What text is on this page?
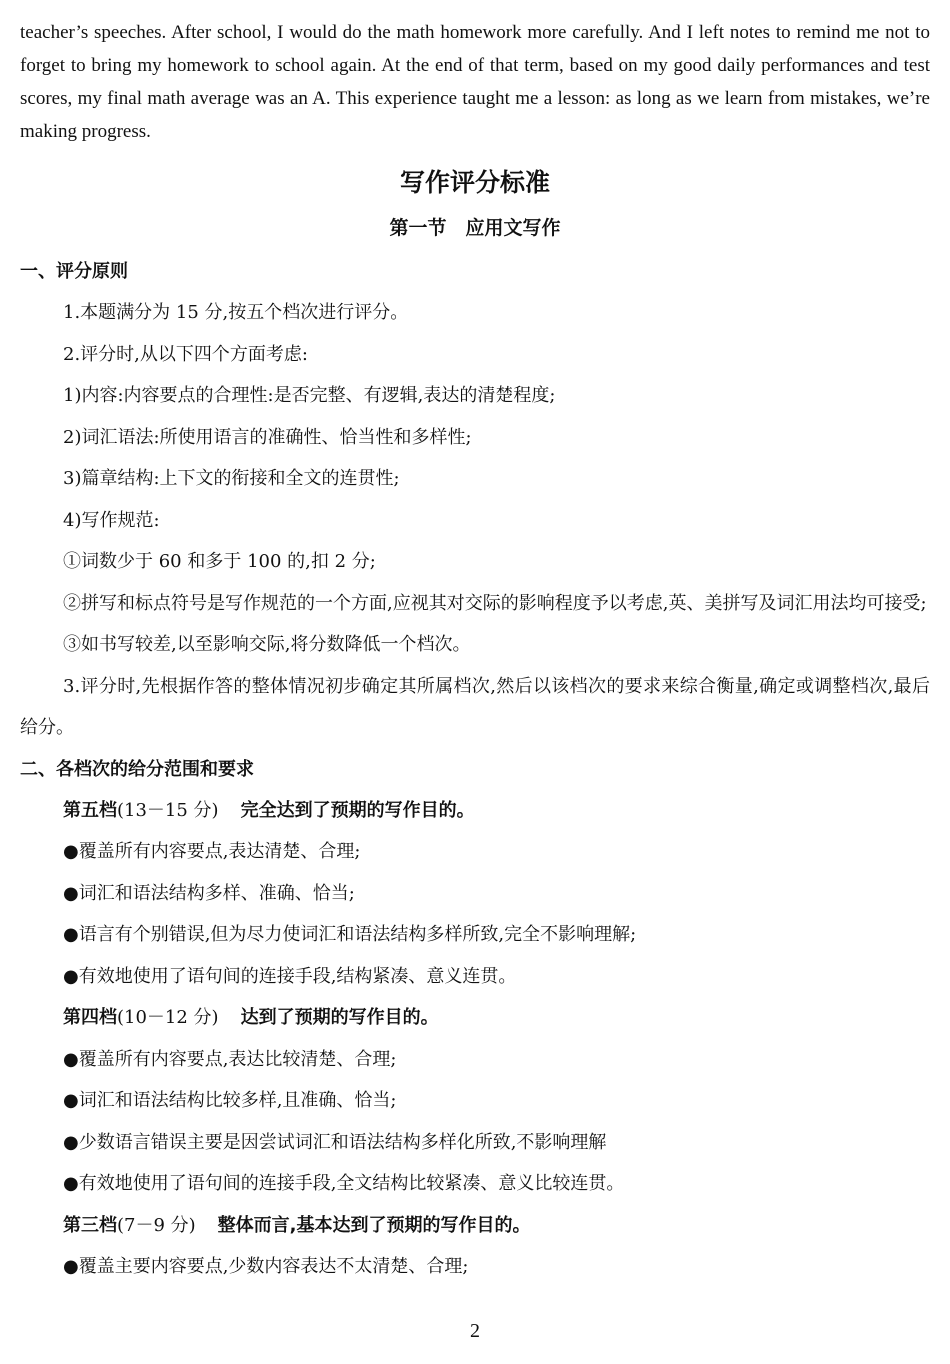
teacher’s speeches. After school, I would do the math homework more carefully. And I left notes to remind me not to forget to bring my homework to school again. At the end of that term, based on my good daily performances and test scores, my final math average was an A. This experience taught me a lesson: as long as we learn from mistakes, we’re making progress.

写作评分标准
第一节　应用文写作
一、评分原则
1.本题满分为 15 分,按五个档次进行评分。
2.评分时,从以下四个方面考虑:
1)内容:内容要点的合理性:是否完整、有逻辑,表达的清楚程度;
2)词汇语法:所使用语言的准确性、恰当性和多样性;
3)篇章结构:上下文的衔接和全文的连贯性;
4)写作规范:
①词数少于 60 和多于 100 的,扣 2 分;

②拼写和标点符号是写作规范的一个方面,应视其对交际的影响程度予以考虑,英、美拼写及词汇用法均可接受;

③如书写较差,以至影响交际,将分数降低一个档次。

3.评分时,先根据作答的整体情况初步确定其所属档次,然后以该档次的要求来综合衡量,确定或调整档次,最后给分。

二、各档次的给分范围和要求
第五档(13－15 分) 完全达到了预期的写作目的。
●覆盖所有内容要点,表达清楚、合理;
●词汇和语法结构多样、准确、恰当;
●语言有个别错误,但为尽力使词汇和语法结构多样所致,完全不影响理解;
●有效地使用了语句间的连接手段,结构紧凑、意义连贯。
第四档(10－12 分) 达到了预期的写作目的。
●覆盖所有内容要点,表达比较清楚、合理;
●词汇和语法结构比较多样,且准确、恰当;
●少数语言错误主要是因尝试词汇和语法结构多样化所致,不影响理解
●有效地使用了语句间的连接手段,全文结构比较紧凑、意义比较连贯。
第三档(7－9 分) 整体而言,基本达到了预期的写作目的。
●覆盖主要内容要点,少数内容表达不太清楚、合理;
2
